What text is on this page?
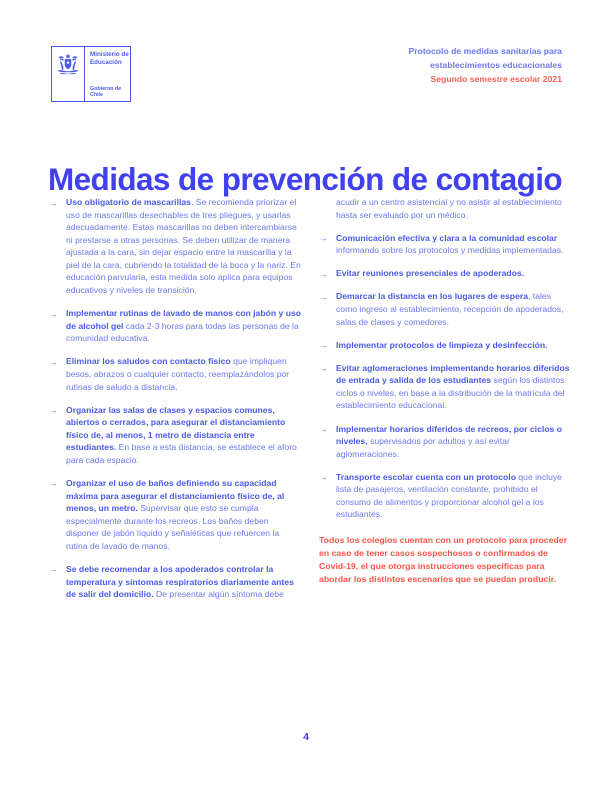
Ministerio de
Educación
Gobierno de Chile
Protocolo de medidas sanitarias para
establecimientos educacionales
Segundo semestre escolar 2021
Medidas de prevención de contagio
→ Uso obligatorio de mascarillas. Se recomienda priorizar el uso de mascarillas desechables de tres pliegues, y usarlas adecuadamente. Estas mascarillas no deben intercambiarse ni prestarse a otras personas. Se deben utilizar de manera ajustada a la cara, sin dejar espacio entre la mascarilla y la piel de la cara, cubriendo la totalidad de la boca y la nariz. En educación parvularia, esta medida solo aplica para equipos educativos y niveles de transición.
→ Implementar rutinas de lavado de manos con jabón y uso de alcohol gel cada 2-3 horas para todas las personas de la comunidad educativa.
→ Eliminar los saludos con contacto físico que impliquen besos, abrazos o cualquier contacto, reemplazándolos por rutinas de saludo a distancia.
→ Organizar las salas de clases y espacios comunes, abiertos o cerrados, para asegurar el distanciamiento físico de, al menos, 1 metro de distancia entre estudiantes. En base a esta distancia, se establece el aforo para cada espacio.
→ Organizar el uso de baños definiendo su capacidad máxima para asegurar el distanciamiento físico de, al menos, un metro. Supervisar que esto se cumpla especialmente durante los recreos. Los baños deben disponer de jabón líquido y señaléticas que refuercen la rutina de lavado de manos.
→ Se debe recomendar a los apoderados controlar la temperatura y síntomas respiratorios diariamente antes de salir del domicilio. De presentar algún síntoma debe
acudir a un centro asistencial y no asistir al establecimiento hasta ser evaluado por un médico.
→ Comunicación efectiva y clara a la comunidad escolar informando sobre los protocolos y medidas implementadas.
→ Evitar reuniones presenciales de apoderados.
→ Demarcar la distancia en los lugares de espera, tales como ingreso al establecimiento, recepción de apoderados, salas de clases y comedores.
→ Implementar protocolos de limpieza y desinfección.
→ Evitar aglomeraciones implementando horarios diferidos de entrada y salida de los estudiantes según los distintos ciclos o niveles, en base a la distribución de la matrícula del establecimiento educacional.
→ Implementar horarios diferidos de recreos, por ciclos o niveles, supervisados por adultos y así evitar aglomeraciones.
→ Transporte escolar cuenta con un protocolo que incluye lista de pasajeros, ventilación constante, prohibido el consumo de alimentos y proporcionar alcohol gel a los estudiantes.
Todos los colegios cuentan con un protocolo para proceder en caso de tener casos sospechosos o confirmados de Covid-19, el que otorga instrucciones específicas para abordar los distintos escenarios que se puedan producir.
4
